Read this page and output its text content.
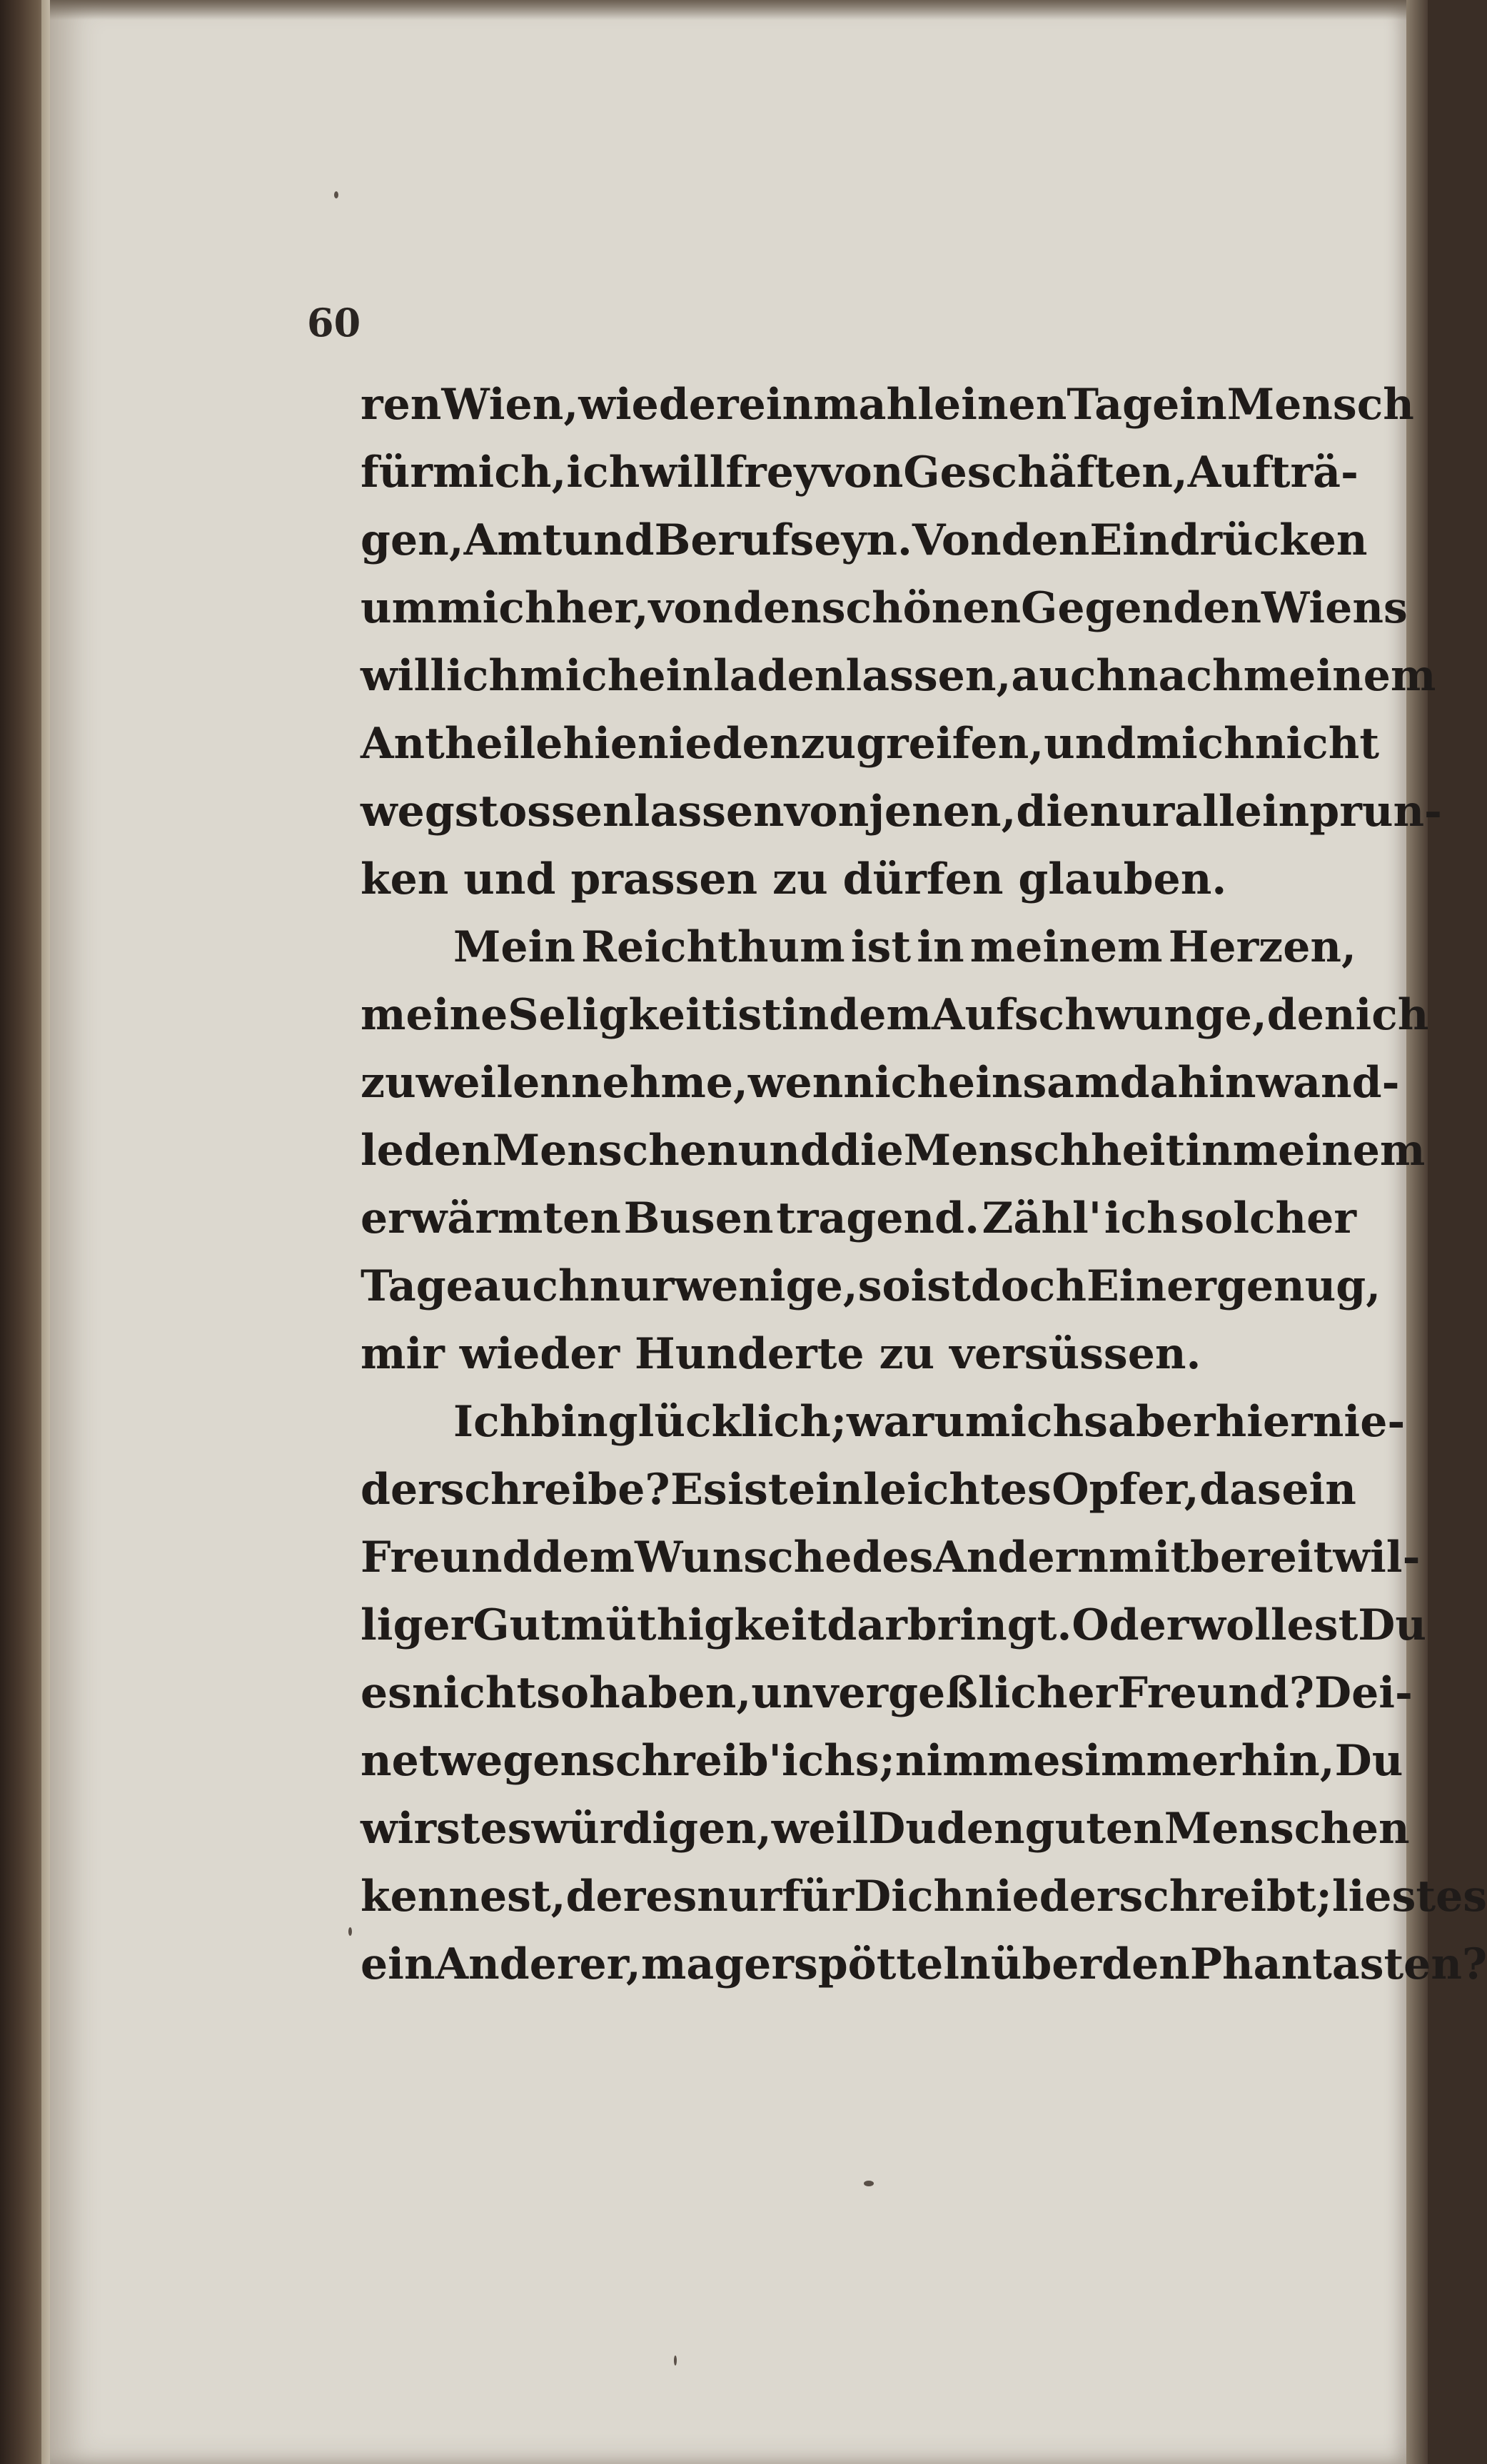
60
ren Wien, wieder einmahl einen Tag ein Mensch
für mich, ich will frey von Geschäften, Aufträ-
gen, Amt und Beruf seyn. Von den Eindrücken
um mich her, von den schönen Gegenden Wiens
will ich mich einladen lassen, auch nach meinem
Antheile hienieden zu greifen, und mich nicht
wegstossen lassen von jenen, die nur allein prun-
ken und prassen zu dürfen glauben.
Mein Reichthum ist in meinem Herzen,
meine Seligkeit ist in dem Aufschwunge, den ich
zuweilen nehme, wenn ich einsam dahin wand-
le den Menschen und die Menschheit in meinem
erwärmten Busen tragend. Zähl' ich solcher
Tage auch nur wenige, so ist doch Einer genug,
mir wieder Hunderte zu versüssen.
Ich bin glücklich; warum ichs aber hier nie-
derschreibe? Es ist ein leichtes Opfer, das ein
Freund dem Wunsche des Andern mit bereitwil-
liger Gutmüthigkeit darbringt. Oder wollest Du
es nicht so haben, unvergeßlicher Freund? Dei-
netwegen schreib' ichs; nimm es immer hin, Du
wirst es würdigen, weil Du den guten Menschen
kennest, der es nur für Dich niederschreibt; liest es
ein Anderer, mag er spötteln über den Phantasten?
